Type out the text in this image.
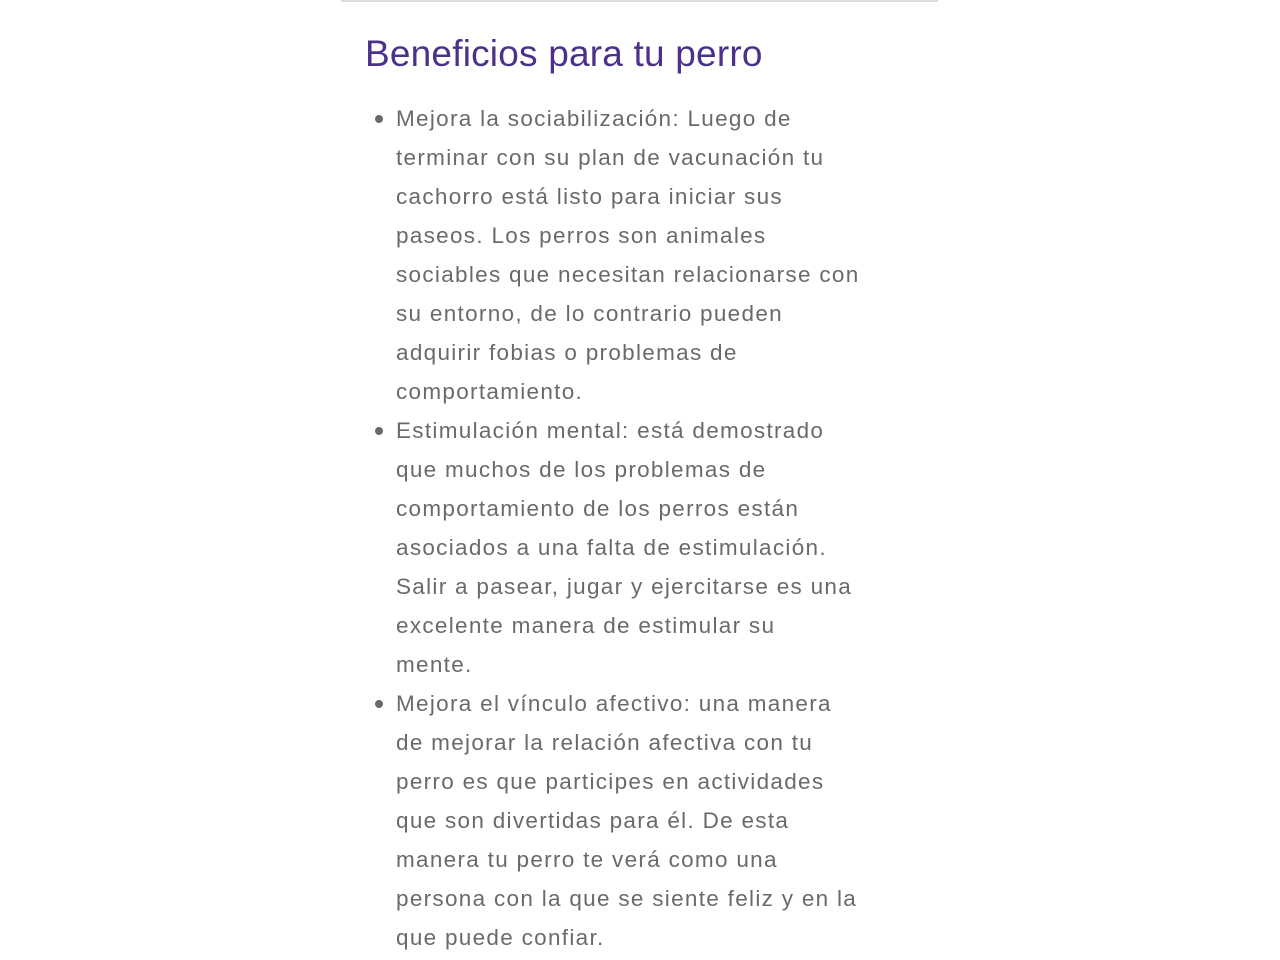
Beneficios para tu perro
Mejora la sociabilización: Luego de
terminar con su plan de vacunación tu
cachorro está listo para iniciar sus
paseos. Los perros son animales
sociables que necesitan relacionarse con
su entorno, de lo contrario pueden
adquirir fobias o problemas de
comportamiento.
Estimulación mental: está demostrado
que muchos de los problemas de
comportamiento de los perros están
asociados a una falta de estimulación.
Salir a pasear, jugar y ejercitarse es una
excelente manera de estimular su
mente.
Mejora el vínculo afectivo: una manera
de mejorar la relación afectiva con tu
perro es que participes en actividades
que son divertidas para él. De esta
manera tu perro te verá como una
persona con la que se siente feliz y en la
que puede confiar.
